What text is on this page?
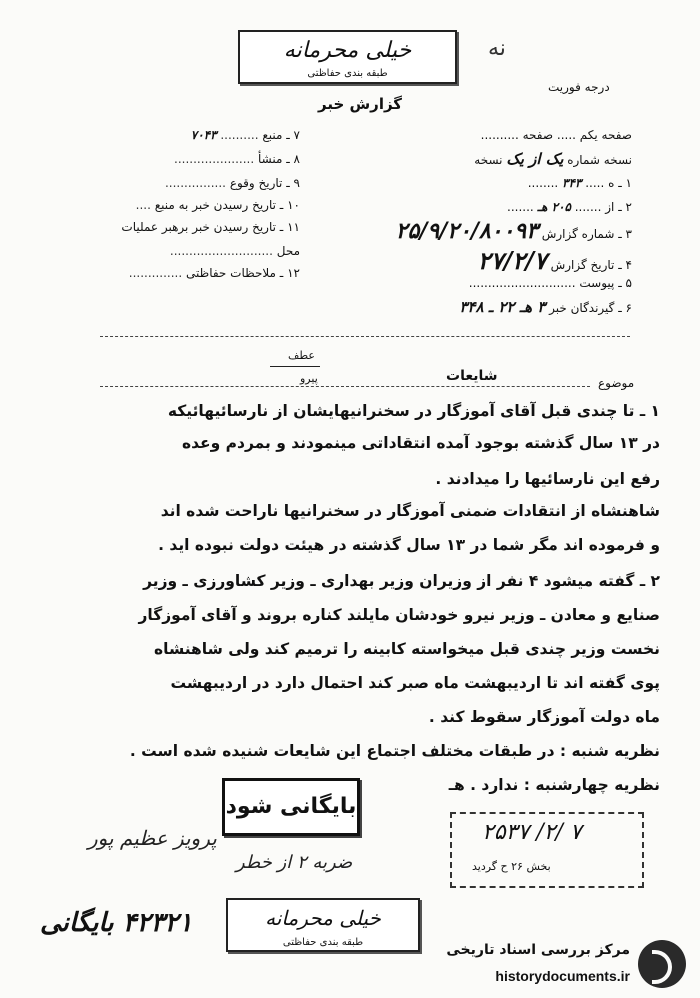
خیلی محرمانه
طبقه بندی حفاظتی
نه
درجه فوریت
گزارش خبر
۷ ـ منبع .......... ۷۰۴۳
۸ ـ منشأ .....................
۹ ـ تاریخ وقوع ................
۱۰ ـ تاریخ رسیدن خبر به منبع ....
۱۱ ـ تاریخ رسیدن خبر برهبر عملیات
محل ...........................
۱۲ ـ ملاحظات حفاظتی ..............
صفحه یکم ..... صفحه ..........
نسخه شماره یک از یک نسخه
۱ ـ ه ..... ۳۴۳ ........
۲ ـ از ....... ۲۰۵ هـ .......
۳ ـ شماره گزارش ۲۵/۹/۲۰/۸۰۰۹۳
۴ ـ تاریخ گزارش ۲۷/۲/۷
۵ ـ پیوست ............................
۶ ـ گیرندگان خبر ۳ هـ ۲۲ ـ ۳۴۸
عطف
پیرو	موضوع
شایعات
۱ ـ تا چندی قبل آقای آموزگار در سخنرانیهایشان از نارسائیهائیکه
در ۱۳ سال گذشته بوجود آمده انتقاداتی مینمودند و بمردم وعده
رفع این نارسائیها را میدادند .
شاهنشاه از انتقادات ضمنی آموزگار در سخنرانیها ناراحت شده اند
و فرموده اند مگر شما در ۱۳ سال گذشته در هیئت دولت نبوده اید .
۲ ـ گفته میشود ۴ نفر از وزیران وزیر بهداری ـ وزیر کشاورزی ـ وزیر
صنایع و معادن ـ وزیر نیرو خودشان مایلند کناره بروند و آقای آموزگار
نخست وزیر چندی قبل میخواسته کابینه را ترمیم کند ولی شاهنشاه
پوی گفته اند تا اردیبهشت ماه صبر کند احتمال دارد در اردیبهشت
ماه دولت آموزگار سقوط کند .
نظریه شنبه : در طبقات مختلف اجتماع این شایعات شنیده شده است .
نظریه چهارشنبه : ندارد . هـ
بایگانی شود
۷ /۲/ ۲۵۳۷
بخش ۲۶ ح گردید
پرویز عظیم پور
ضربه ۲ از خطر
خیلی محرمانه
طبقه بندی حفاظتی
۴۲۳۲۱ بایگانی
مرکز بررسی اسناد تاریخی
historydocuments.ir
